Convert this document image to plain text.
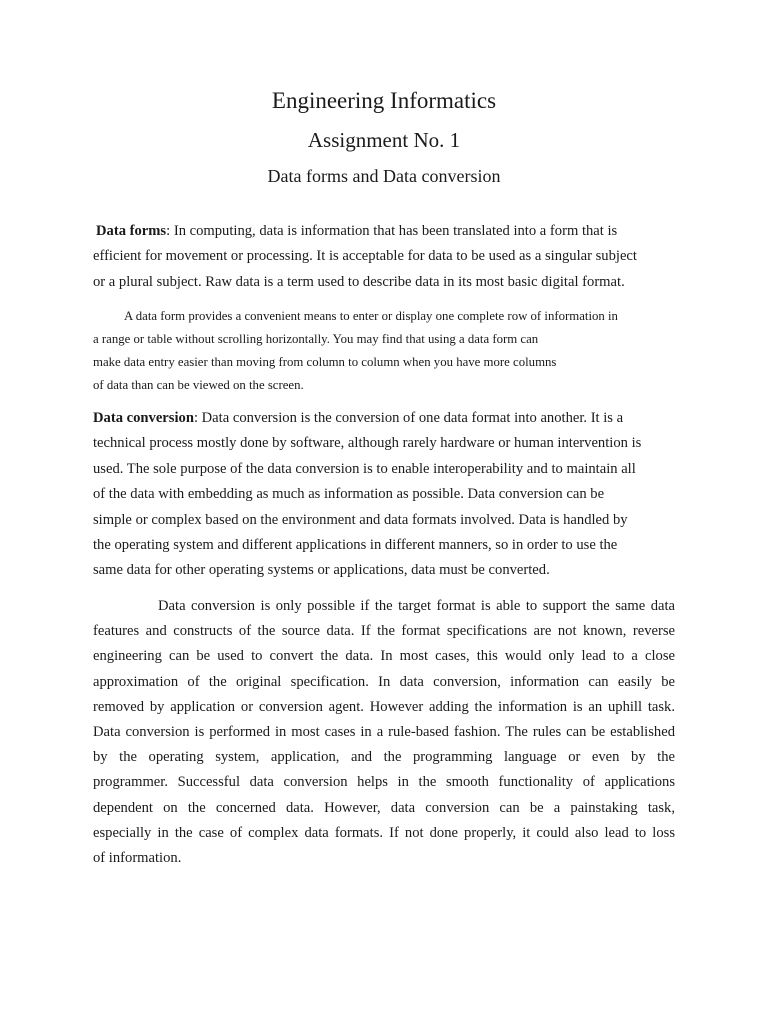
Engineering Informatics
Assignment No. 1
Data forms and Data conversion

Data forms: In computing, data is information that has been translated into a form that is
efficient for movement or processing. It is acceptable for data to be used as a singular subject
or a plural subject. Raw data is a term used to describe data in its most basic digital format.

A data form provides a convenient means to enter or display one complete row of information in
a range or table without scrolling horizontally. You may find that using a data form can
make data entry easier than moving from column to column when you have more columns
of data than can be viewed on the screen.

Data conversion: Data conversion is the conversion of one data format into another. It is a
technical process mostly done by software, although rarely hardware or human intervention is
used. The sole purpose of the data conversion is to enable interoperability and to maintain all
of the data with embedding as much as information as possible. Data conversion can be
simple or complex based on the environment and data formats involved. Data is handled by
the operating system and different applications in different manners, so in order to use the
same data for other operating systems or applications, data must be converted.

Data conversion is only possible if the target format is able to support the same data
features and constructs of the source data. If the format specifications are not known, reverse
engineering can be used to convert the data. In most cases, this would only lead to a close
approximation of the original specification. In data conversion, information can easily be
removed by application or conversion agent. However adding the information is an uphill task.
Data conversion is performed in most cases in a rule-based fashion. The rules can be established
by the operating system, application, and the programming language or even by the
programmer. Successful data conversion helps in the smooth functionality of applications
dependent on the concerned data. However, data conversion can be a painstaking task,
especially in the case of complex data formats. If not done properly, it could also lead to loss
of information.
